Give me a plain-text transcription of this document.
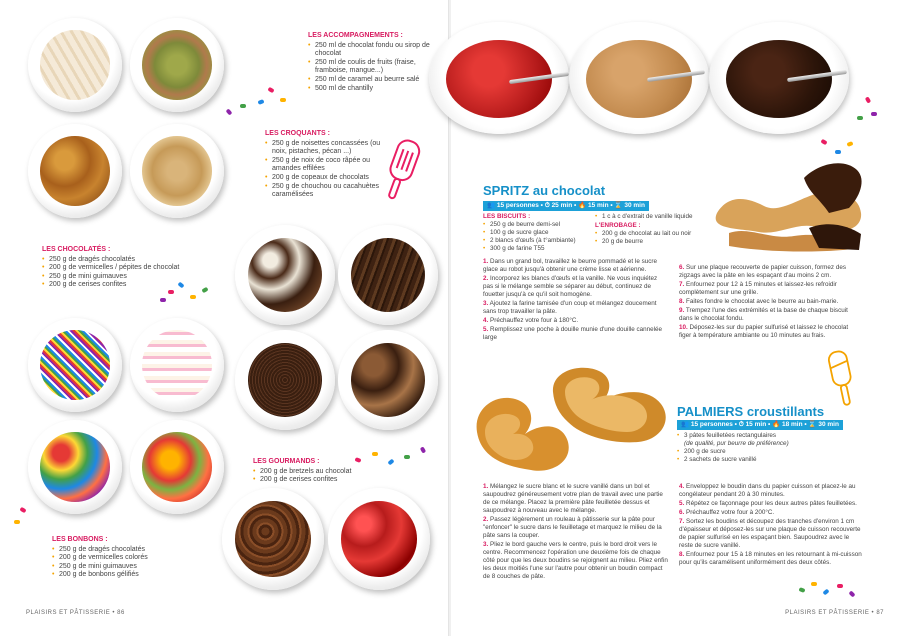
LES ACCOMPAGNEMENTS :
• 250 ml de chocolat fondu ou sirop de chocolat
• 250 ml de coulis de fruits (fraise, framboise, mangue...)
• 250 ml de caramel au beurre salé
• 500 ml de chantilly
LES CROQUANTS :
• 250 g de noisettes concassées (ou noix, pistaches, pécan ...)
• 250 g de noix de coco râpée ou amandes effilées
• 200 g de copeaux de chocolats
• 250 g de chouchou ou cacahuètes caramélisées
LES CHOCOLATÉS :
• 250 g de dragés chocolatés
• 200 g de vermicelles / pépites de chocolat
• 250 g de mini guimauves
• 200 g de cerises confites
LES GOURMANDS :
• 200 g de bretzels au chocolat
• 200 g de cerises confites
LES BONBONS :
• 250 g de dragés chocolatés
• 200 g de vermicelles colorés
• 250 g de mini guimauves
• 200 g de bonbons gélifiés
PLAISIRS ET PÂTISSERIE • 86
SPRITZ au chocolat
👥 15 personnes • ⏱ 25 min • 🔥 15 min • ⌛ 30 min
LES BISCUITS :
• 250 g de beurre demi-sel
• 100 g de sucre glace
• 2 blancs d'œufs (à t°ambiante)
• 300 g de farine T55
• 1 c à c d'extrait de vanille liquide
L'ENROBAGE :
• 200 g de chocolat au lait ou noir
• 20 g de beurre
1. Dans un grand bol, travaillez le beurre pommadé et le sucre glace au robot jusqu'à obtenir une crème lisse et aérienne.
2. Incorporez les blancs d'œufs et la vanille. Ne vous inquiétez pas si le mélange semble se séparer au début, continuez de fouetter jusqu'à ce qu'il soit homogène.
3. Ajoutez la farine tamisée d'un coup et mélangez doucement sans trop travailler la pâte.
4. Préchauffez votre four à 180°C.
5. Remplissez une poche à douille munie d'une douille cannelée large
6. Sur une plaque recouverte de papier cuisson, formez des zigzags avec la pâte en les espaçant d'au moins 2 cm.
7. Enfournez pour 12 à 15 minutes et laissez-les refroidir complètement sur une grille.
8. Faites fondre le chocolat avec le beurre au bain-marie.
9. Trempez l'une des extrémités et la base de chaque biscuit dans le chocolat fondu.
10. Déposez-les sur du papier sulfurisé et laissez le chocolat figer à température ambiante ou 10 minutes au frais.
PALMIERS croustillants
👥 15 personnes • ⏱ 15 min • 🔥 18 min • ⌛ 30 min
• 3 pâtes feuilletées rectangulaires
(de qualité, pur beurre de préférence)
• 200 g de sucre
• 2 sachets de sucre vanillé
1. Mélangez le sucre blanc et le sucre vanillé dans un bol et saupoudrez généreusement votre plan de travail avec une partie de ce mélange. Placez la première pâte feuilletée dessus et saupoudrez à nouveau avec le mélange.
2. Passez légèrement un rouleau à pâtisserie sur la pâte pour "enfoncer" le sucre dans le feuilletage et marquez le milieu de la pâte sans la couper.
3. Pliez le bord gauche vers le centre, puis le bord droit vers le centre. Recommencez l'opération une deuxième fois de chaque côté pour que les deux boudins se rejoignent au milieu. Pliez enfin les deux moitiés l'une sur l'autre pour obtenir un boudin compact de 8 couches de pâte.
4. Enveloppez le boudin dans du papier cuisson et placez-le au congélateur pendant 20 à 30 minutes.
5. Répétez ce façonnage pour les deux autres pâtes feuilletées.
6. Préchauffez votre four à 200°C.
7. Sortez les boudins et découpez des tranches d'environ 1 cm d'épaisseur et déposez-les sur une plaque de cuisson recouverte de papier sulfurisé en les espaçant bien. Saupoudrez avec le reste de sucre vanillé.
8. Enfournez pour 15 à 18 minutes en les retournant à mi-cuisson pour qu'ils caramélisent uniformément des deux côtés.
PLAISIRS ET PÂTISSERIE • 87
